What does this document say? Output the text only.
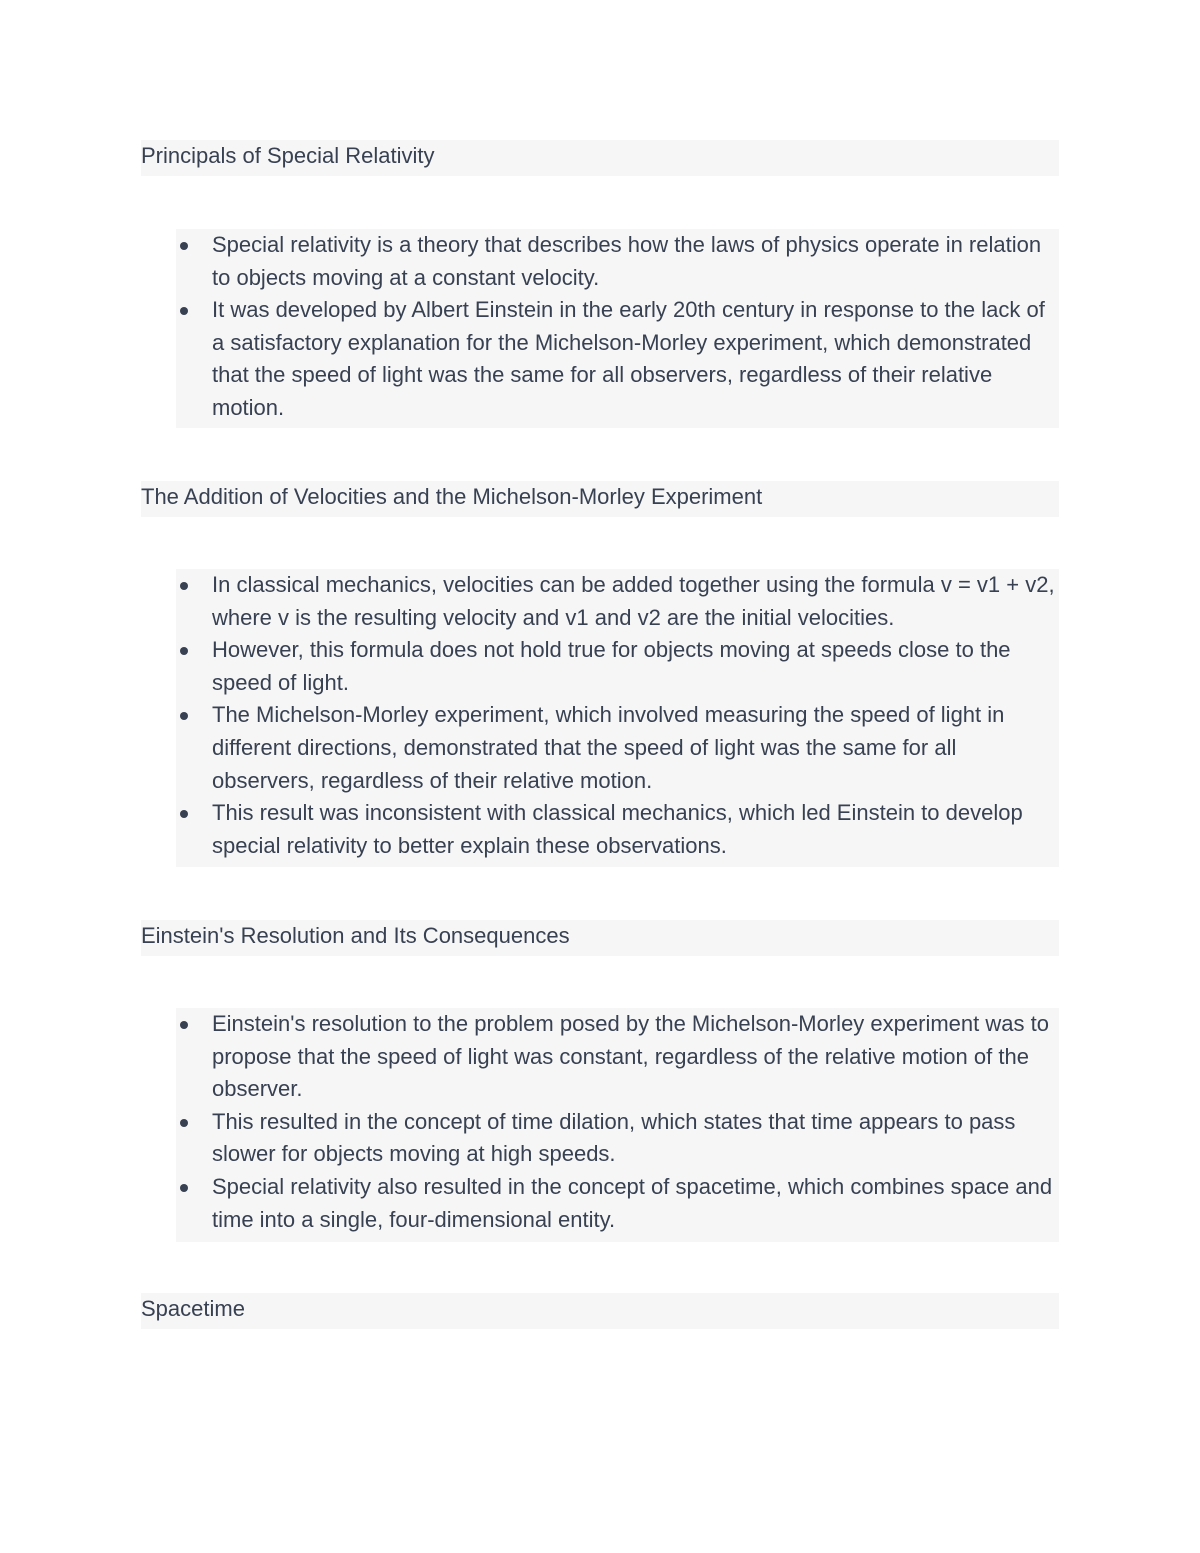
Principals of Special Relativity
Special relativity is a theory that describes how the laws of physics operate in relation to objects moving at a constant velocity.
It was developed by Albert Einstein in the early 20th century in response to the lack of a satisfactory explanation for the Michelson-Morley experiment, which demonstrated that the speed of light was the same for all observers, regardless of their relative motion.
The Addition of Velocities and the Michelson-Morley Experiment
In classical mechanics, velocities can be added together using the formula v = v1 + v2, where v is the resulting velocity and v1 and v2 are the initial velocities.
However, this formula does not hold true for objects moving at speeds close to the speed of light.
The Michelson-Morley experiment, which involved measuring the speed of light in different directions, demonstrated that the speed of light was the same for all observers, regardless of their relative motion.
This result was inconsistent with classical mechanics, which led Einstein to develop special relativity to better explain these observations.
Einstein's Resolution and Its Consequences
Einstein's resolution to the problem posed by the Michelson-Morley experiment was to propose that the speed of light was constant, regardless of the relative motion of the observer.
This resulted in the concept of time dilation, which states that time appears to pass slower for objects moving at high speeds.
Special relativity also resulted in the concept of spacetime, which combines space and time into a single, four-dimensional entity.
Spacetime
